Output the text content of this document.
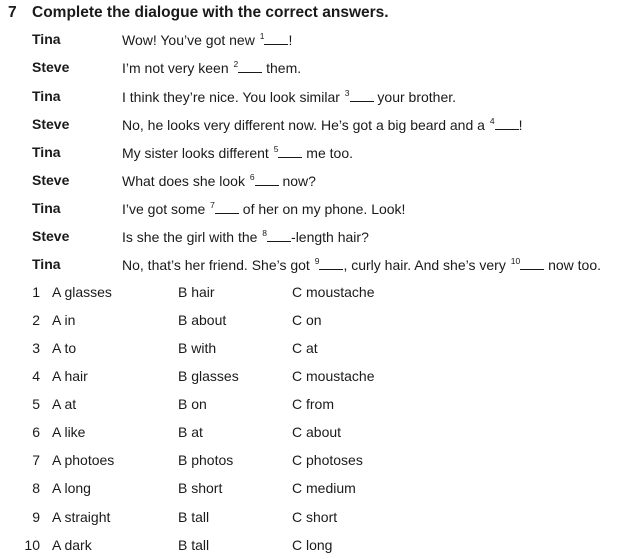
7 Complete the dialogue with the correct answers.
Tina	Wow! You’ve got new $^1$ !
Steve	I’m not very keen $^2$ them.
Tina	I think they’re nice. You look similar $^3$ your brother.
Steve	No, he looks very different now. He’s got a big beard and a $^4$ !
Tina	My sister looks different $^5$ me too.
Steve	What does she look $^6$ now?
Tina	I’ve got some $^7$ of her on my phone. Look!
Steve	Is she the girl with the $^8$ -length hair?
Tina	No, that’s her friend. She’s got $^9$ , curly hair. And she’s very $^{10}$ now too.
1 A glasses	B hair	C moustache
2 A in	B about	C on
3 A to	B with	C at
4 A hair	B glasses	C moustache
5 A at	B on	C from
6 A like	B at	C about
7 A photoes	B photos	C photoses
8 A long	B short	C medium
9 A straight	B tall	C short
10 A dark	B tall	C long
